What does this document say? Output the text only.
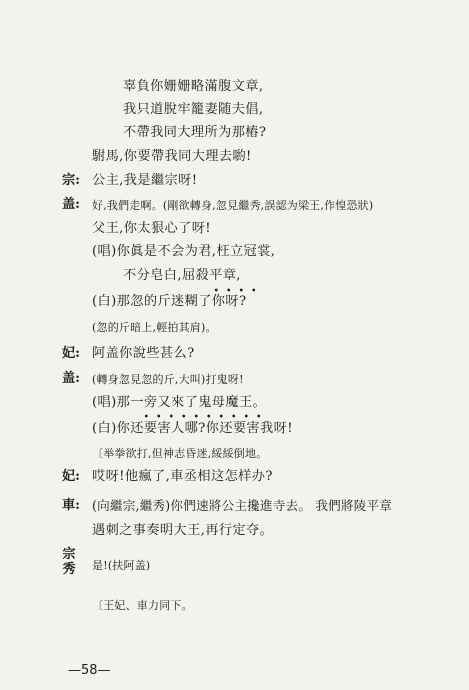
辜負你姗姗略滿腹文章,
我只道脫牢籠妻随夫倡,
不帶我同大理所为那樁?
駙馬,你要帶我同大理去喲!
宗: 公主,我是繼宗呀!
盖: 好,我們走啊。(剛欲轉身,忽見繼秀,誤認为梁王,作惶恐狀)
父王,你太狠心了呀!
(唱)你眞是不会为君,枉立冠裳,
不分皂白,屈殺平章,
(白)那忽的斤迷糊了你呀?
(忽的斤暗上,輕拍其肩)。
妃: 阿盖你說些甚么?
盖: (轉身忽見忽的斤,大叫)打鬼呀!
(唱)那一旁又來了鬼母魔王。
(白)你还要害人哪?你还要害我呀!
〔举拳欲打,但神志昏迷,綏綏倒地。
妃: 哎呀!他瘋了,車丞相这怎样办?
車: (向繼宗,繼秀)你們速將公主攙進寺去。 我們將陵平章
遇刺之事奏明大王,再行定夺。
宗秀 是!(扶阿盖)
〔王妃、車力同下。
—58—
